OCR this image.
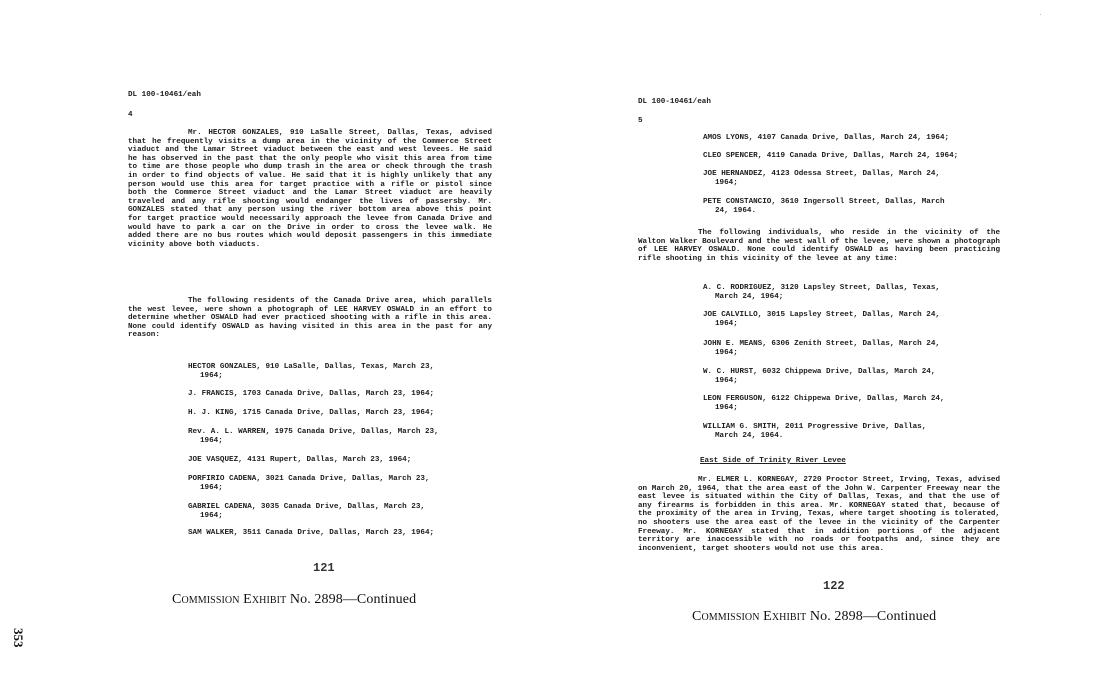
DL 100-10461/eah
4
Mr. HECTOR GONZALES, 910 LaSalle Street, Dallas, Texas, advised that he frequently visits a dump area in the vicinity of the Commerce Street viaduct and the Lamar Street viaduct between the east and west levees. He said he has observed in the past that the only people who visit this area from time to time are those people who dump trash in the area or check through the trash in order to find objects of value. He said that it is highly unlikely that any person would use this area for target practice with a rifle or pistol since both the Commerce Street viaduct and the Lamar Street viaduct are heavily traveled and any rifle shooting would endanger the lives of passersby. Mr. GONZALES stated that any person using the river bottom area above this point for target practice would necessarily approach the levee from Canada Drive and would have to park a car on the Drive in order to cross the levee walk. He added there are no bus routes which would deposit passengers in this immediate vicinity above both viaducts.
The following residents of the Canada Drive area, which parallels the west levee, were shown a photograph of LEE HARVEY OSWALD in an effort to determine whether OSWALD had ever practiced shooting with a rifle in this area. None could identify OSWALD as having visited in this area in the past for any reason:
HECTOR GONZALES, 910 LaSalle, Dallas, Texas, March 23,
1964;
J. FRANCIS, 1703 Canada Drive, Dallas, March 23, 1964;
H. J. KING, 1715 Canada Drive, Dallas, March 23, 1964;
Rev. A. L. WARREN, 1975 Canada Drive, Dallas, March 23,
1964;
JOE VASQUEZ, 4131 Rupert, Dallas, March 23, 1964;
PORFIRIO CADENA, 3021 Canada Drive, Dallas, March 23,
1964;
GABRIEL CADENA, 3035 Canada Drive, Dallas, March 23,
1964;
SAM WALKER, 3511 Canada Drive, Dallas, March 23, 1964;
121
Commission Exhibit No. 2898—Continued
353
DL 100-10461/eah
5
AMOS LYONS, 4107 Canada Drive, Dallas, March 24, 1964;
CLEO SPENCER, 4119 Canada Drive, Dallas, March 24, 1964;
JOE HERNANDEZ, 4123 Odessa Street, Dallas, March 24,
1964;
PETE CONSTANCIO, 3610 Ingersoll Street, Dallas, March
24, 1964.
The following individuals, who reside in the vicinity of the Walton Walker Boulevard and the west wall of the levee, were shown a photograph of LEE HARVEY OSWALD. None could identify OSWALD as having been practicing rifle shooting in this vicinity of the levee at any time:
A. C. RODRIGUEZ, 3120 Lapsley Street, Dallas, Texas,
March 24, 1964;
JOE CALVILLO, 3015 Lapsley Street, Dallas, March 24,
1964;
JOHN E. MEANS, 6306 Zenith Street, Dallas, March 24,
1964;
W. C. HURST, 6032 Chippewa Drive, Dallas, March 24,
1964;
LEON FERGUSON, 6122 Chippewa Drive, Dallas, March 24,
1964;
WILLIAM G. SMITH, 2011 Progressive Drive, Dallas,
March 24, 1964.
East Side of Trinity River Levee
Mr. ELMER L. KORNEGAY, 2720 Proctor Street, Irving, Texas, advised on March 20, 1964, that the area east of the John W. Carpenter Freeway near the east levee is situated within the City of Dallas, Texas, and that the use of any firearms is forbidden in this area. Mr. KORNEGAY stated that, because of the proximity of the area in Irving, Texas, where target shooting is tolerated, no shooters use the area east of the levee in the vicinity of the Carpenter Freeway. Mr. KORNEGAY stated that in addition portions of the adjacent territory are inaccessible with no roads or footpaths and, since they are inconvenient, target shooters would not use this area.
122
Commission Exhibit No. 2898—Continued
